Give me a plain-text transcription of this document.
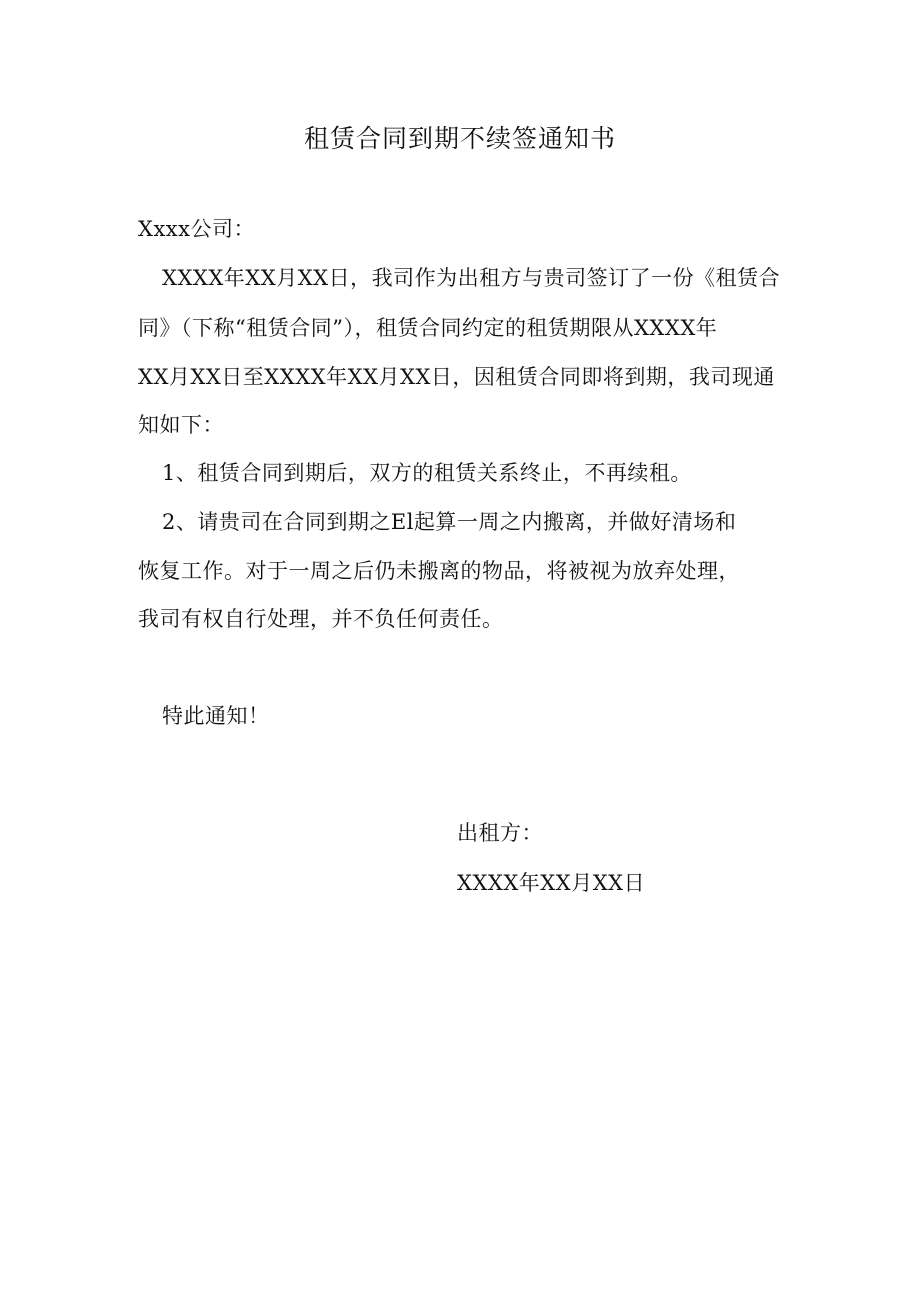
租赁合同到期不续签通知书
Xxxx公司：
XXXX年XX月XX日，我司作为出租方与贵司签订了一份《租赁合
同》（下称“租赁合同”），租赁合同约定的租赁期限从XXXX年
XX月XX日至XXXX年XX月XX日，因租赁合同即将到期，我司现通
知如下：
1、租赁合同到期后，双方的租赁关系终止，不再续租。
2、请贵司在合同到期之El起算一周之内搬离，并做好清场和
恢复工作。对于一周之后仍未搬离的物品，将被视为放弃处理，
我司有权自行处理，并不负任何责任。
特此通知！
出租方：
XXXX年XX月XX日
